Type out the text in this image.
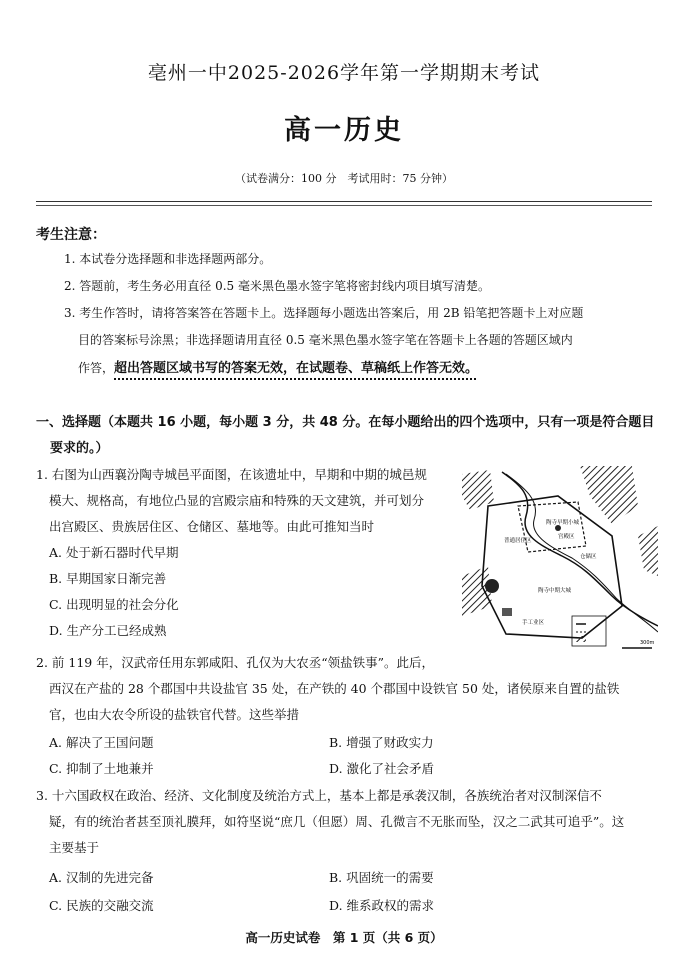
亳州一中2025-2026学年第一学期期末考试
高一历史
（试卷满分：100 分　考试用时：75 分钟）
考生注意：
1. 本试卷分选择题和非选择题两部分。
2. 答题前，考生务必用直径 0.5 毫米黑色墨水签字笔将密封线内项目填写清楚。
3. 考生作答时，请将答案答在答题卡上。选择题每小题选出答案后，用 2B 铅笔把答题卡上对应题
目的答案标号涂黑；非选择题请用直径 0.5 毫米黑色墨水签字笔在答题卡上各题的答题区域内
作答，超出答题区域书写的答案无效，在试题卷、草稿纸上作答无效。
一、选择题（本题共 16 小题，每小题 3 分，共 48 分。在每小题给出的四个选项中，只有一项是符合题目
要求的。）
1. 右图为山西襄汾陶寺城邑平面图，在该遗址中，早期和中期的城邑规
模大、规格高，有地位凸显的宫殿宗庙和特殊的天文建筑，并可划分
出宫殿区、贵族居住区、仓储区、墓地等。由此可推知当时
A. 处于新石器时代早期
B. 早期国家日渐完善
C. 出现明显的社会分化
D. 生产分工已经成熟
陶寺早期小城
宫殿区
普通居住区
仓储区
陶寺中期大城
手工业区
300m
2. 前 119 年，汉武帝任用东郭咸阳、孔仅为大农丞“领盐铁事”。此后，
西汉在产盐的 28 个郡国中共设盐官 35 处，在产铁的 40 个郡国中设铁官 50 处，诸侯原来自置的盐铁
官，也由大农令所设的盐铁官代替。这些举措
A. 解决了王国问题	B. 增强了财政实力
C. 抑制了土地兼并	D. 激化了社会矛盾
3. 十六国政权在政治、经济、文化制度及统治方式上，基本上都是承袭汉制，各族统治者对汉制深信不
疑，有的统治者甚至顶礼膜拜，如符坚说“庶几（但愿）周、孔微言不无胀而坠，汉之二武其可追乎”。这
主要基于
A. 汉制的先进完备	B. 巩固统一的需要
C. 民族的交融交流	D. 维系政权的需求
高一历史试卷　第 1 页（共 6 页）
